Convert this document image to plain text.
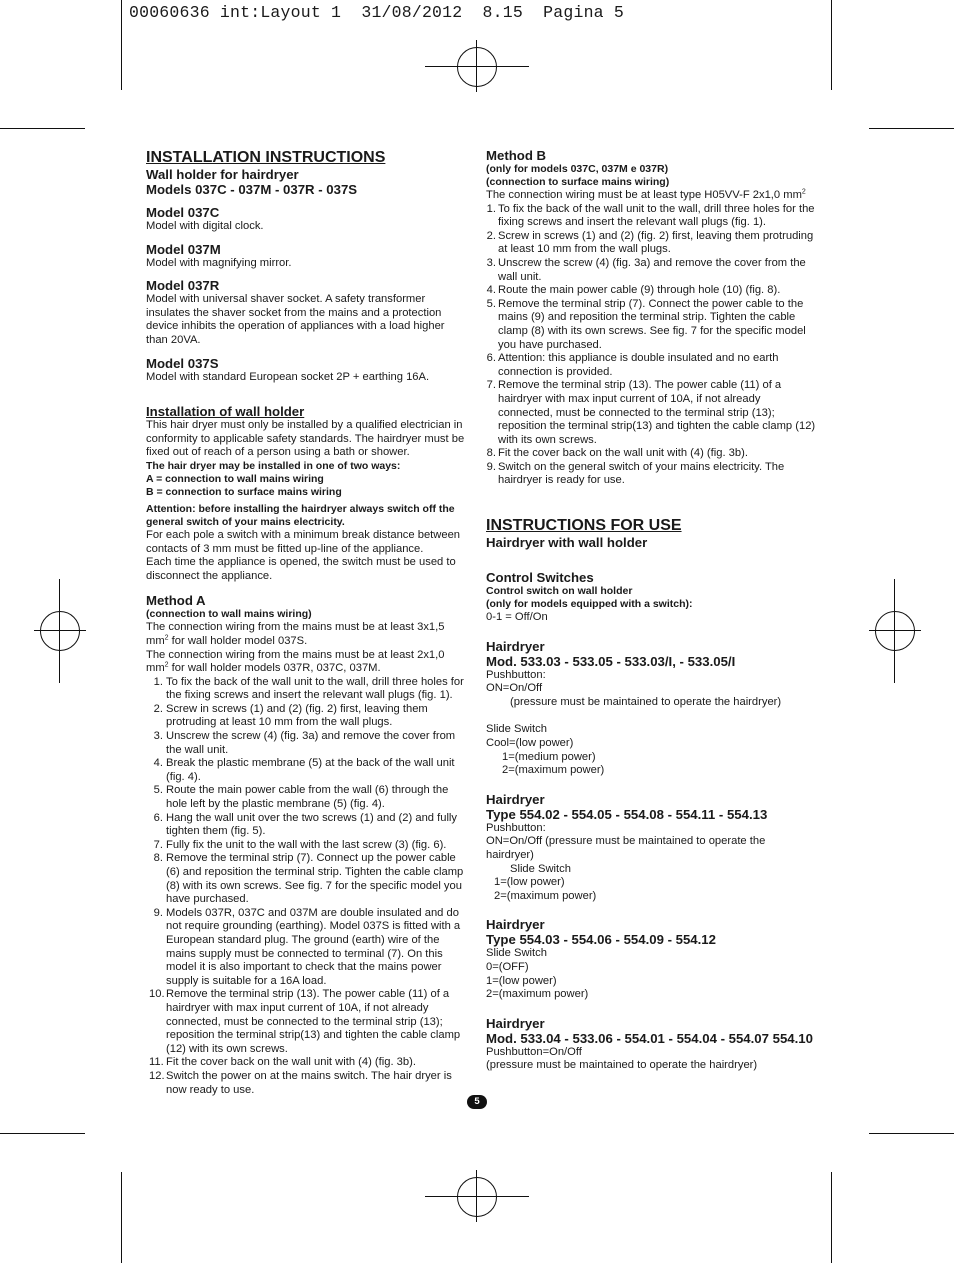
00060636 int:Layout 1  31/08/2012  8.15  Pagina 5
INSTALLATION INSTRUCTIONS
Wall holder for hairdryer
Models 037C - 037M - 037R - 037S
Model 037C

Model with digital clock.

Model 037M

Model with magnifying mirror.

Model 037R

Model with universal shaver socket. A safety transformer insulates the shaver socket from the mains and a protection device inhibits the operation of appliances with a load higher than 20VA.

Model 037S

Model with standard European socket 2P + earthing 16A.

Installation of wall holder

This hair dryer must only be installed by a qualified electrician in conformity to applicable safety standards. The hairdryer must be fixed out of reach of a person using a bath or shower.

The hair dryer may be installed in one of two ways:

A = connection to wall mains wiring

B = connection to surface mains wiring

Attention: before installing the hairdryer always switch off the general switch of your mains electricity.

For each pole a switch with a minimum break distance between contacts of 3 mm must be fitted up-line of the appliance.

Each time the appliance is opened, the switch must be used to disconnect the appliance.

Method A

(connection to wall mains wiring)

The connection wiring from the mains must be at least 3x1,5 $mm^2$ for wall holder model 037S.

The connection wiring from the mains must be at least 2x1,0 $mm^2$ for wall holder models 037R, 037C, 037M.

1. To fix the back of the wall unit to the wall, drill three holes for the fixing screws and insert the relevant wall plugs (fig. 1).
2. Screw in screws (1) and (2) (fig. 2) first, leaving them protruding at least 10 mm from the wall plugs.
3. Unscrew the screw (4) (fig. 3a) and remove the cover from the wall unit.
4. Break the plastic membrane (5) at the back of the wall unit (fig. 4).
5. Route the main power cable from the wall (6) through the hole left by the plastic membrane (5) (fig. 4).
6. Hang the wall unit over the two screws (1) and (2) and fully tighten them (fig. 5).
7. Fully fix the unit to the wall with the last screw (3) (fig. 6).
8. Remove the terminal strip (7). Connect up the power cable (6) and reposition the terminal strip. Tighten the cable clamp (8) with its own screws. See fig. 7 for the specific model you have purchased.
9. Models 037R, 037C and 037M are double insulated and do not require grounding (earthing). Model 037S is fitted with a European standard plug. The ground (earth) wire of the mains supply must be connected to terminal (7). On this model it is also important to check that the mains power supply is suitable for a 16A load.
10. Remove the terminal strip (13). The power cable (11) of a hairdryer with max input current of 10A, if not already connected, must be connected to the terminal strip (13); reposition the terminal strip(13) and tighten the cable clamp (12) with its own screws.
11. Fit the cover back on the wall unit with (4) (fig. 3b).
12. Switch the power on at the mains switch. The hair dryer is now ready to use.
Method B

(only for models 037C, 037M e 037R)

(connection to surface mains wiring)

The connection wiring must be at least type H05VV-F 2x1,0 $mm^2$

1. To fix the back of the wall unit to the wall, drill three holes for the fixing screws and insert the relevant wall plugs (fig. 1).
2. Screw in screws (1) and (2) (fig. 2) first, leaving them protruding at least 10 mm from the wall plugs.
3. Unscrew the screw (4) (fig. 3a) and remove the cover from the wall unit.
4. Route the main power cable (9) through hole (10) (fig. 8).
5. Remove the terminal strip (7). Connect the power cable to the mains (9) and reposition the terminal strip. Tighten the cable clamp (8) with its own screws. See fig. 7 for the specific model you have purchased.
6. Attention: this appliance is double insulated and no earth connection is provided.
7. Remove the terminal strip (13). The power cable (11) of a hairdryer with max input current of 10A, if not already connected, must be connected to the terminal strip (13); reposition the terminal strip(13) and tighten the cable clamp (12) with its own screws.
8. Fit the cover back on the wall unit with (4) (fig. 3b).
9. Switch on the general switch of your mains electricity. The hairdryer is ready for use.
INSTRUCTIONS FOR USE
Hairdryer with wall holder
Control Switches

Control switch on wall holder

(only for models equipped with a switch):

0-1 = Off/On

Hairdryer
Mod. 533.03 - 533.05 - 533.03/I, - 533.05/I

Pushbutton:

ON=On/Off

(pressure must be maintained to operate the hairdryer)

Slide Switch

Cool=(low power)

1=(medium power)

2=(maximum power)

Hairdryer
Type 554.02 - 554.05 - 554.08 - 554.11 - 554.13

Pushbutton:

ON=On/Off (pressure must be maintained to operate the hairdryer)

Slide Switch

1=(low power)

2=(maximum power)

Hairdryer
Type 554.03 - 554.06 - 554.09 - 554.12

Slide Switch

0=(OFF)

1=(low power)

2=(maximum power)

Hairdryer
Mod. 533.04 - 533.06 - 554.01 - 554.04 - 554.07 554.10

Pushbutton=On/Off

(pressure must be maintained to operate the hairdryer)

5
